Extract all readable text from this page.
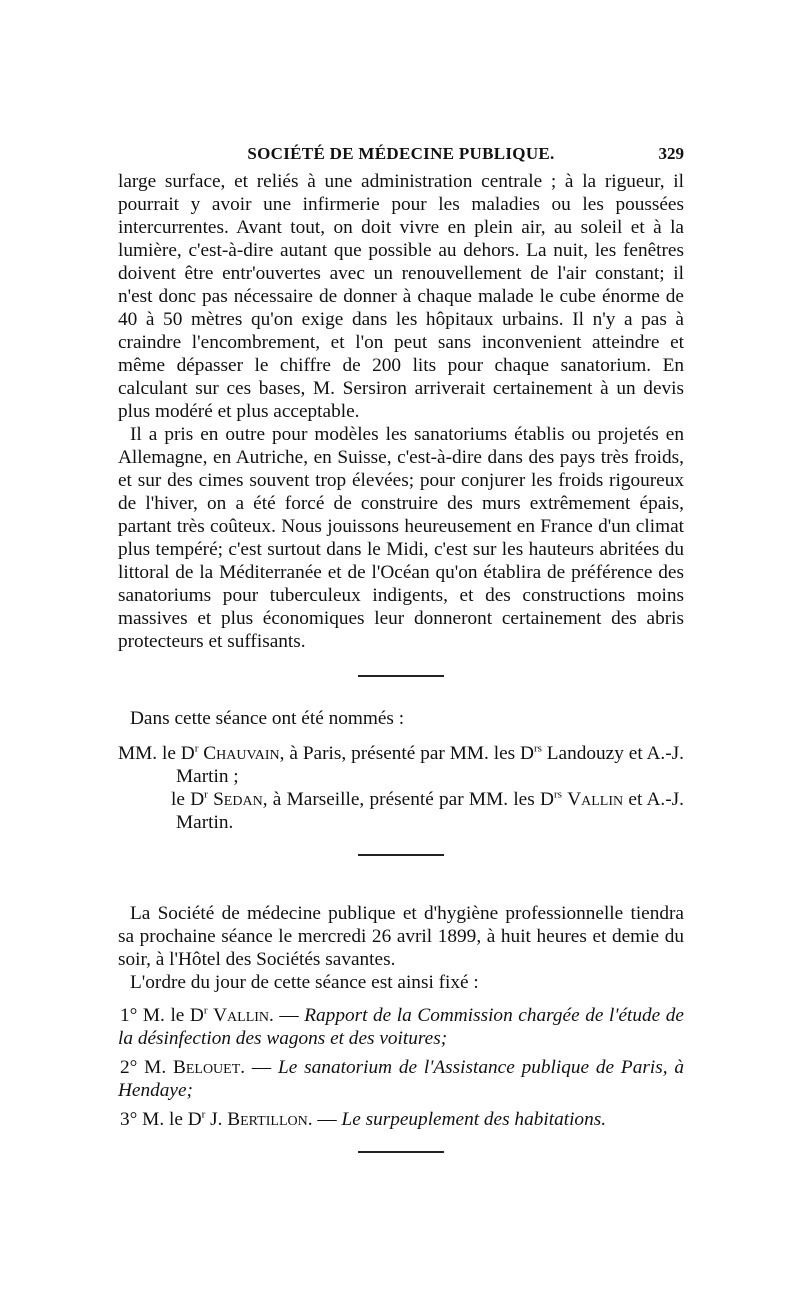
SOCIÉTÉ DE MÉDECINE PUBLIQUE.	329

large surface, et reliés à une administration centrale ; à la rigueur, il pourrait y avoir une infirmerie pour les maladies ou les poussées intercurrentes. Avant tout, on doit vivre en plein air, au soleil et à la lumière, c'est-à-dire autant que possible au dehors. La nuit, les fenêtres doivent être entr'ouvertes avec un renouvellement de l'air constant; il n'est donc pas nécessaire de donner à chaque malade le cube énorme de 40 à 50 mètres qu'on exige dans les hôpitaux urbains. Il n'y a pas à craindre l'encombrement, et l'on peut sans inconvenient atteindre et même dépasser le chiffre de 200 lits pour chaque sanatorium. En calculant sur ces bases, M. Sersiron arriverait certainement à un devis plus modéré et plus acceptable.

Il a pris en outre pour modèles les sanatoriums établis ou projetés en Allemagne, en Autriche, en Suisse, c'est-à-dire dans des pays très froids, et sur des cimes souvent trop élevées; pour conjurer les froids rigoureux de l'hiver, on a été forcé de construire des murs extrêmement épais, partant très coûteux. Nous jouissons heureusement en France d'un climat plus tempéré; c'est surtout dans le Midi, c'est sur les hauteurs abritées du littoral de la Méditerranée et de l'Océan qu'on établira de préférence des sanatoriums pour tuberculeux indigents, et des constructions moins massives et plus économiques leur donneront certainement des abris protecteurs et suffisants.

Dans cette séance ont été nommés :

MM. le $D^r$ Chauvain, à Paris, présenté par MM. les $D^{rs}$ Landouzy et A.-J. Martin ;
le $D^r$ Sedan, à Marseille, présenté par MM. les $D^{rs}$ Vallin et A.-J. Martin.

La Société de médecine publique et d'hygiène professionnelle tiendra sa prochaine séance le mercredi 26 avril 1899, à huit heures et demie du soir, à l'Hôtel des Sociétés savantes.

L'ordre du jour de cette séance est ainsi fixé :

1° M. le $D^r$ Vallin. — Rapport de la Commission chargée de l'étude de la désinfection des wagons et des voitures;
2° M. Belouet. — Le sanatorium de l'Assistance publique de Paris, à Hendaye;
3° M. le $D^r$ J. Bertillon. — Le surpeuplement des habitations.
